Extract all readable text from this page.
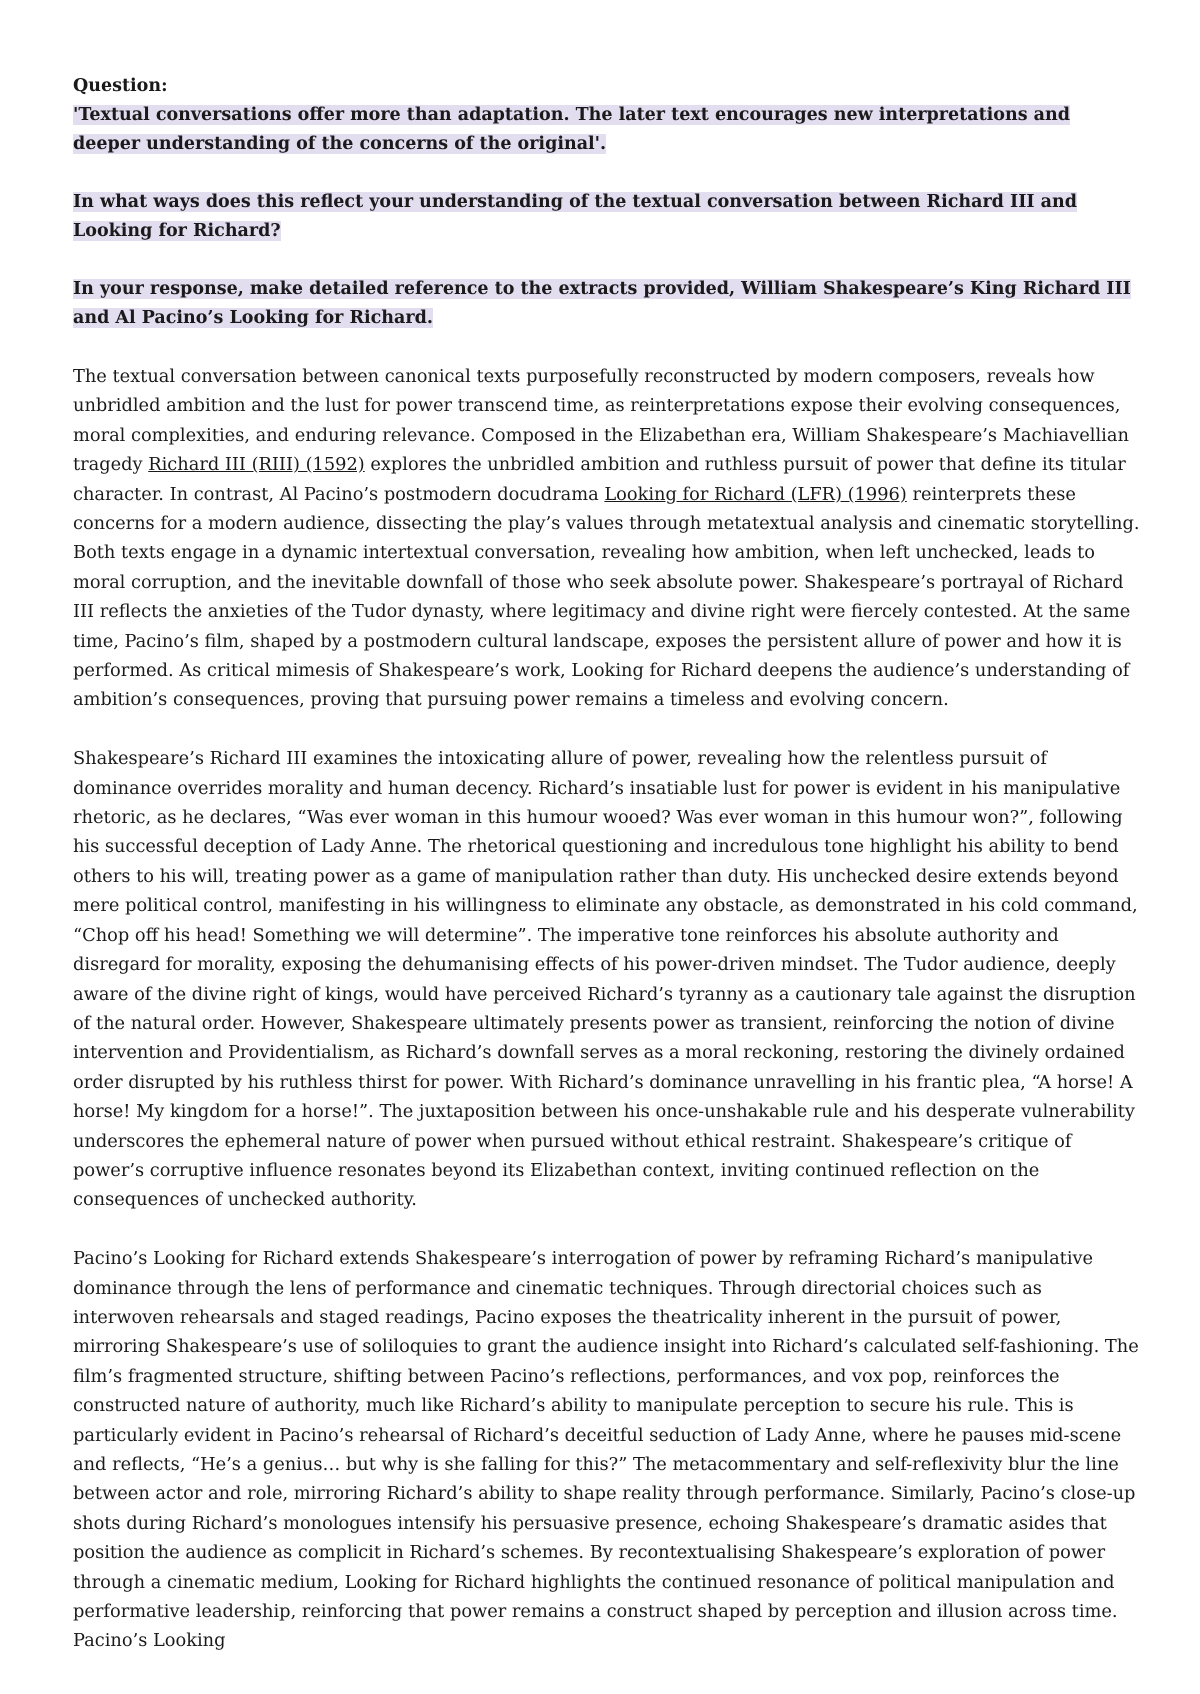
Question:

'Textual conversations offer more than adaptation. The later text encourages new interpretations and deeper understanding of the concerns of the original'.

In what ways does this reflect your understanding of the textual conversation between Richard III and Looking for Richard?

In your response, make detailed reference to the extracts provided, William Shakespeare’s King Richard III and Al Pacino’s Looking for Richard.

The textual conversation between canonical texts purposefully reconstructed by modern composers, reveals how unbridled ambition and the lust for power transcend time, as reinterpretations expose their evolving consequences, moral complexities, and enduring relevance. Composed in the Elizabethan era, William Shakespeare’s Machiavellian tragedy Richard III (RIII) (1592) explores the unbridled ambition and ruthless pursuit of power that define its titular character. In contrast, Al Pacino’s postmodern docudrama Looking for Richard (LFR) (1996) reinterprets these concerns for a modern audience, dissecting the play’s values through metatextual analysis and cinematic storytelling. Both texts engage in a dynamic intertextual conversation, revealing how ambition, when left unchecked, leads to moral corruption, and the inevitable downfall of those who seek absolute power. Shakespeare’s portrayal of Richard III reflects the anxieties of the Tudor dynasty, where legitimacy and divine right were fiercely contested. At the same time, Pacino’s film, shaped by a postmodern cultural landscape, exposes the persistent allure of power and how it is performed. As critical mimesis of Shakespeare’s work, Looking for Richard deepens the audience’s understanding of ambition’s consequences, proving that pursuing power remains a timeless and evolving concern.

Shakespeare’s Richard III examines the intoxicating allure of power, revealing how the relentless pursuit of dominance overrides morality and human decency. Richard’s insatiable lust for power is evident in his manipulative rhetoric, as he declares, “Was ever woman in this humour wooed? Was ever woman in this humour won?”, following his successful deception of Lady Anne. The rhetorical questioning and incredulous tone highlight his ability to bend others to his will, treating power as a game of manipulation rather than duty. His unchecked desire extends beyond mere political control, manifesting in his willingness to eliminate any obstacle, as demonstrated in his cold command, “Chop off his head! Something we will determine”. The imperative tone reinforces his absolute authority and disregard for morality, exposing the dehumanising effects of his power-driven mindset. The Tudor audience, deeply aware of the divine right of kings, would have perceived Richard’s tyranny as a cautionary tale against the disruption of the natural order. However, Shakespeare ultimately presents power as transient, reinforcing the notion of divine intervention and Providentialism, as Richard’s downfall serves as a moral reckoning, restoring the divinely ordained order disrupted by his ruthless thirst for power. With Richard’s dominance unravelling in his frantic plea, “A horse! A horse! My kingdom for a horse!”. The juxtaposition between his once-unshakable rule and his desperate vulnerability underscores the ephemeral nature of power when pursued without ethical restraint. Shakespeare’s critique of power’s corruptive influence resonates beyond its Elizabethan context, inviting continued reflection on the consequences of unchecked authority.

Pacino’s Looking for Richard extends Shakespeare’s interrogation of power by reframing Richard’s manipulative dominance through the lens of performance and cinematic techniques. Through directorial choices such as interwoven rehearsals and staged readings, Pacino exposes the theatricality inherent in the pursuit of power, mirroring Shakespeare’s use of soliloquies to grant the audience insight into Richard’s calculated self-fashioning. The film’s fragmented structure, shifting between Pacino’s reflections, performances, and vox pop, reinforces the constructed nature of authority, much like Richard’s ability to manipulate perception to secure his rule. This is particularly evident in Pacino’s rehearsal of Richard’s deceitful seduction of Lady Anne, where he pauses mid-scene and reflects, “He’s a genius… but why is she falling for this?” The metacommentary and self-reflexivity blur the line between actor and role, mirroring Richard’s ability to shape reality through performance. Similarly, Pacino’s close-up shots during Richard’s monologues intensify his persuasive presence, echoing Shakespeare’s dramatic asides that position the audience as complicit in Richard’s schemes. By recontextualising Shakespeare’s exploration of power through a cinematic medium, Looking for Richard highlights the continued resonance of political manipulation and performative leadership, reinforcing that power remains a construct shaped by perception and illusion across time. Pacino’s Looking
